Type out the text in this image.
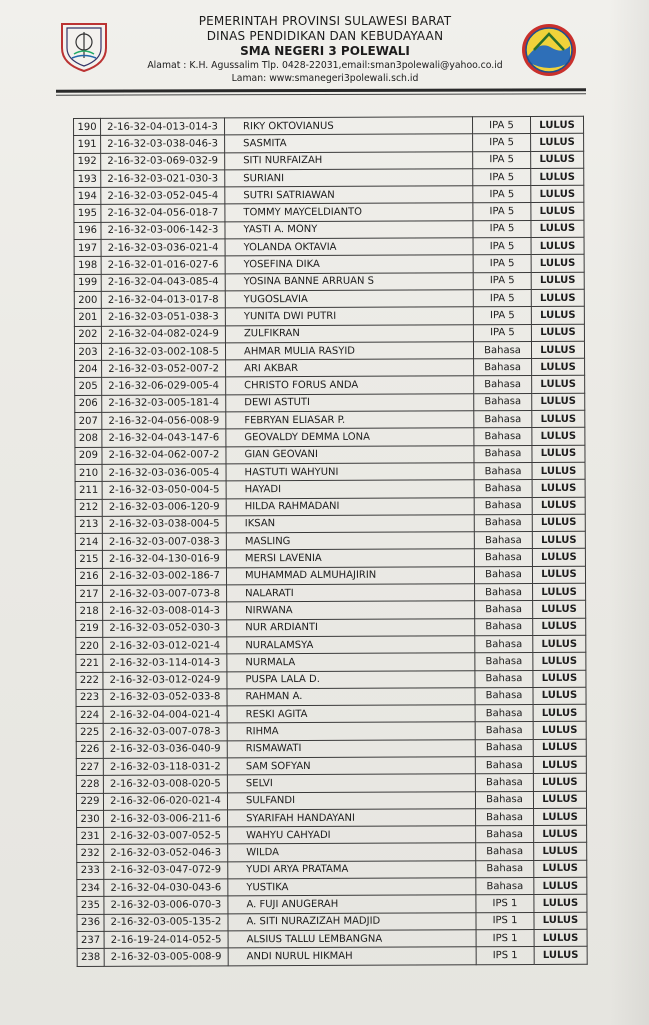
PEMERINTAH PROVINSI SULAWESI BARAT
DINAS PENDIDIKAN DAN KEBUDAYAAN
SMA NEGERI 3 POLEWALI
Alamat : K.H. Agussalim Tlp. 0428-22031,email:sman3polewali@yahoo.co.id
Laman: www:smanegeri3polewali.sch.id
190	2-16-32-04-013-014-3	RIKY OKTOVIANUS	IPA 5	LULUS
191	2-16-32-03-038-046-3	SASMITA	IPA 5	LULUS
192	2-16-32-03-069-032-9	SITI NURFAIZAH	IPA 5	LULUS
193	2-16-32-03-021-030-3	SURIANI	IPA 5	LULUS
194	2-16-32-03-052-045-4	SUTRI SATRIAWAN	IPA 5	LULUS
195	2-16-32-04-056-018-7	TOMMY MAYCELDIANTO	IPA 5	LULUS
196	2-16-32-03-006-142-3	YASTI A. MONY	IPA 5	LULUS
197	2-16-32-03-036-021-4	YOLANDA OKTAVIA	IPA 5	LULUS
198	2-16-32-01-016-027-6	YOSEFINA DIKA	IPA 5	LULUS
199	2-16-32-04-043-085-4	YOSINA BANNE ARRUAN S	IPA 5	LULUS
200	2-16-32-04-013-017-8	YUGOSLAVIA	IPA 5	LULUS
201	2-16-32-03-051-038-3	YUNITA DWI PUTRI	IPA 5	LULUS
202	2-16-32-04-082-024-9	ZULFIKRAN	IPA 5	LULUS
203	2-16-32-03-002-108-5	AHMAR MULIA RASYID	Bahasa	LULUS
204	2-16-32-03-052-007-2	ARI AKBAR	Bahasa	LULUS
205	2-16-32-06-029-005-4	CHRISTO FORUS ANDA	Bahasa	LULUS
206	2-16-32-03-005-181-4	DEWI ASTUTI	Bahasa	LULUS
207	2-16-32-04-056-008-9	FEBRYAN ELIASAR P.	Bahasa	LULUS
208	2-16-32-04-043-147-6	GEOVALDY DEMMA LONA	Bahasa	LULUS
209	2-16-32-04-062-007-2	GIAN GEOVANI	Bahasa	LULUS
210	2-16-32-03-036-005-4	HASTUTI WAHYUNI	Bahasa	LULUS
211	2-16-32-03-050-004-5	HAYADI	Bahasa	LULUS
212	2-16-32-03-006-120-9	HILDA RAHMADANI	Bahasa	LULUS
213	2-16-32-03-038-004-5	IKSAN	Bahasa	LULUS
214	2-16-32-03-007-038-3	MASLING	Bahasa	LULUS
215	2-16-32-04-130-016-9	MERSI LAVENIA	Bahasa	LULUS
216	2-16-32-03-002-186-7	MUHAMMAD ALMUHAJIRIN	Bahasa	LULUS
217	2-16-32-03-007-073-8	NALARATI	Bahasa	LULUS
218	2-16-32-03-008-014-3	NIRWANA	Bahasa	LULUS
219	2-16-32-03-052-030-3	NUR ARDIANTI	Bahasa	LULUS
220	2-16-32-03-012-021-4	NURALAMSYA	Bahasa	LULUS
221	2-16-32-03-114-014-3	NURMALA	Bahasa	LULUS
222	2-16-32-03-012-024-9	PUSPA LALA D.	Bahasa	LULUS
223	2-16-32-03-052-033-8	RAHMAN A.	Bahasa	LULUS
224	2-16-32-04-004-021-4	RESKI AGITA	Bahasa	LULUS
225	2-16-32-03-007-078-3	RIHMA	Bahasa	LULUS
226	2-16-32-03-036-040-9	RISMAWATI	Bahasa	LULUS
227	2-16-32-03-118-031-2	SAM SOFYAN	Bahasa	LULUS
228	2-16-32-03-008-020-5	SELVI	Bahasa	LULUS
229	2-16-32-06-020-021-4	SULFANDI	Bahasa	LULUS
230	2-16-32-03-006-211-6	SYARIFAH HANDAYANI	Bahasa	LULUS
231	2-16-32-03-007-052-5	WAHYU CAHYADI	Bahasa	LULUS
232	2-16-32-03-052-046-3	WILDA	Bahasa	LULUS
233	2-16-32-03-047-072-9	YUDI ARYA PRATAMA	Bahasa	LULUS
234	2-16-32-04-030-043-6	YUSTIKA	Bahasa	LULUS
235	2-16-32-03-006-070-3	A. FUJI ANUGERAH	IPS 1	LULUS
236	2-16-32-03-005-135-2	A. SITI NURAZIZAH MADJID	IPS 1	LULUS
237	2-16-19-24-014-052-5	ALSIUS TALLU LEMBANGNA	IPS 1	LULUS
238	2-16-32-03-005-008-9	ANDI NURUL HIKMAH	IPS 1	LULUS
